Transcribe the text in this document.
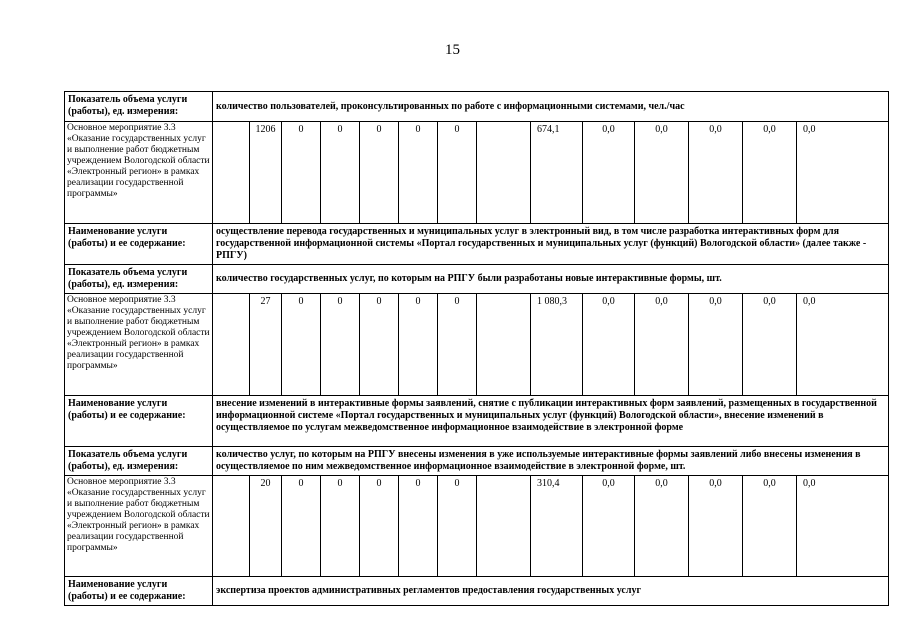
15
Показатель объема услуги (работы), ед. измерения:	количество пользователей, проконсультированных по работе с информационными системами, чел./час													
Основное мероприятие 3.3 «Оказание государственных услуг и выполнение работ бюджетным учреждением Вологодской области «Электронный регион» в рамках реализации государственной программы»		1206	0	0	0	0	0		674,1	0,0	0,0	0,0	0,0	0,0
Наименование услуги (работы) и ее содержание:	осуществление перевода государственных и муниципальных услуг в электронный вид, в том числе разработка интерактивных форм для государственной информационной системы «Портал государственных и муниципальных услуг (функций) Вологодской области» (далее также - РПГУ)													
Показатель объема услуги (работы), ед. измерения:	количество государственных услуг, по которым на РПГУ были разработаны новые интерактивные формы, шт.													
Основное мероприятие 3.3 «Оказание государственных услуг и выполнение работ бюджетным учреждением Вологодской области «Электронный регион» в рамках реализации государственной программы»		27	0	0	0	0	0		1 080,3	0,0	0,0	0,0	0,0	0,0
Наименование услуги (работы) и ее содержание:	внесение изменений в интерактивные формы заявлений, снятие с публикации интерактивных форм заявлений, размещенных в государственной информационной системе «Портал государственных и муниципальных услуг (функций) Вологодской области», внесение изменений в осуществляемое по услугам межведомственное информационное взаимодействие в электронной форме													
Показатель объема услуги (работы), ед. измерения:	количество услуг, по которым на РПГУ внесены изменения в уже используемые интерактивные формы заявлений либо внесены изменения в осуществляемое по ним межведомственное информационное взаимодействие в электронной форме, шт.													
Основное мероприятие 3.3 «Оказание государственных услуг и выполнение работ бюджетным учреждением Вологодской области «Электронный регион» в рамках реализации государственной программы»		20	0	0	0	0	0		310,4	0,0	0,0	0,0	0,0	0,0
Наименование услуги (работы) и ее содержание:	экспертиза проектов административных регламентов предоставления государственных услуг													
